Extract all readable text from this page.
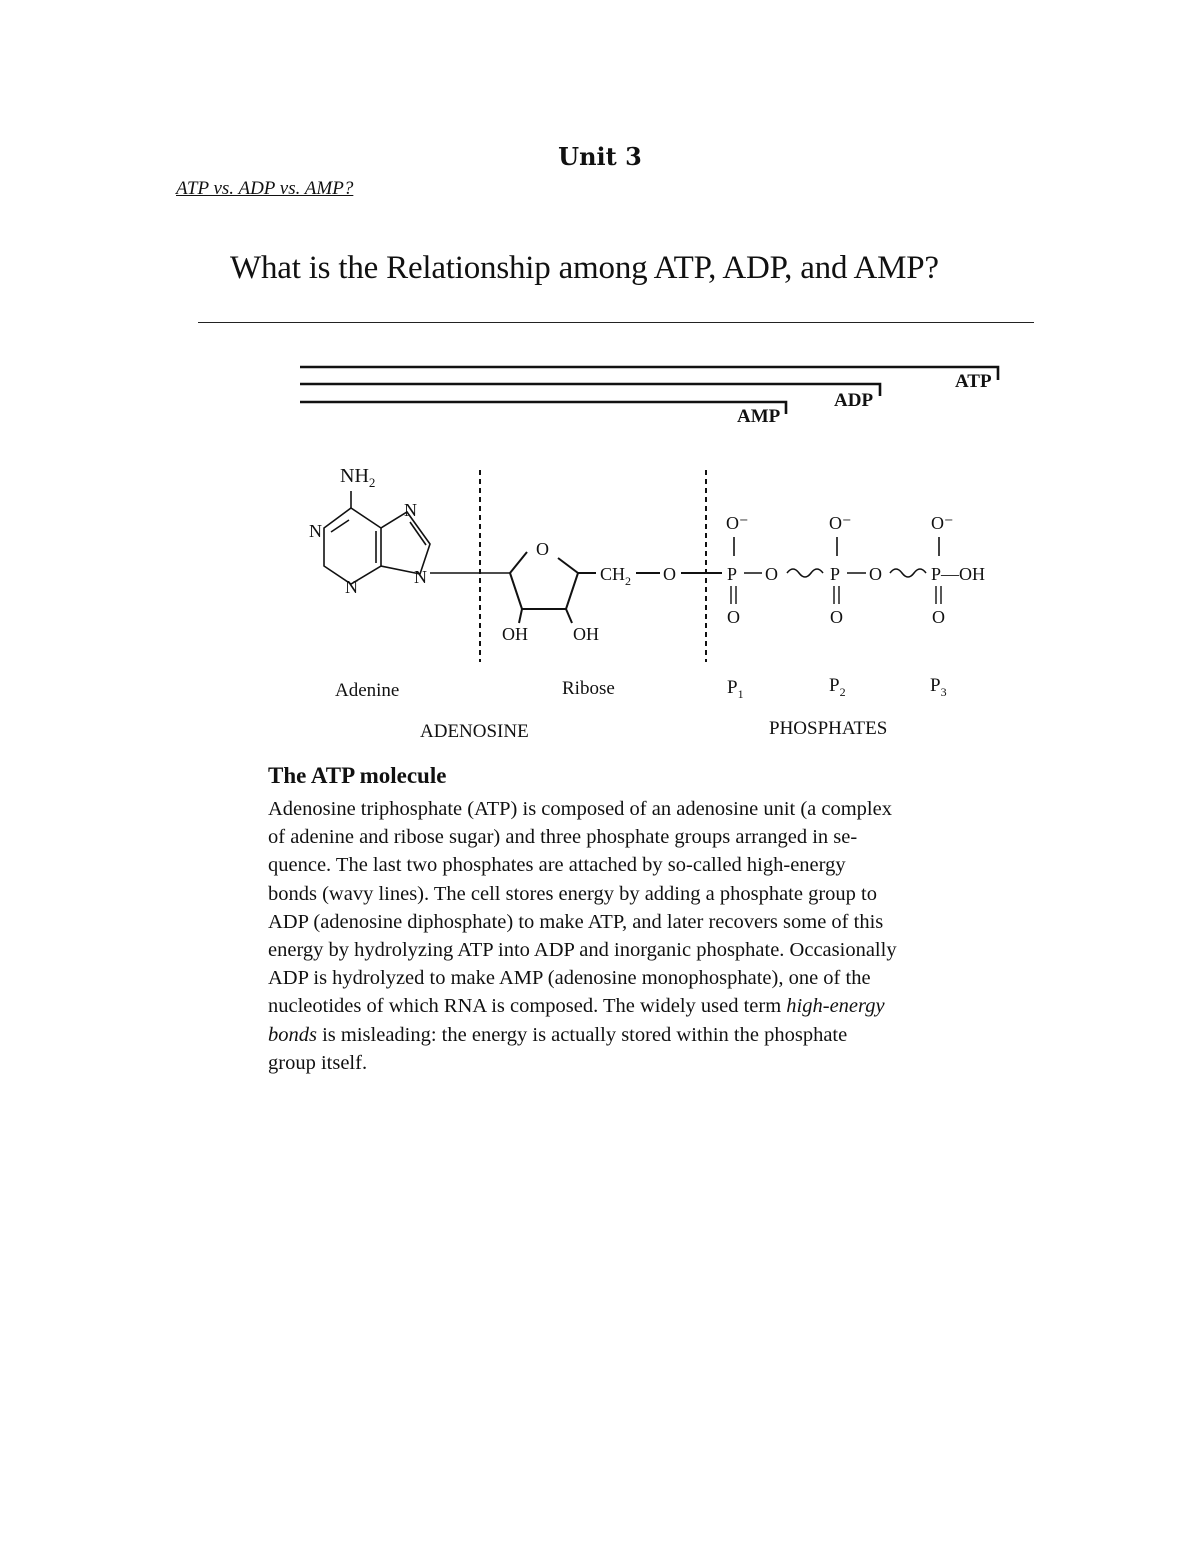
Unit 3
ATP vs. ADP vs. AMP?
What is the Relationship among ATP, ADP, and AMP?
ATP
ADP
AMP
$NH_2$
N
N
N
N
O
OH	OH
$CH_2$ O
O⁻
P
O
O
O⁻
P
O
O
O⁻
P—OH
O
Adenine	Ribose	$P_1$	$P_2$	$P_3$
ADENOSINE	PHOSPHATES
The ATP molecule
Adenosine triphosphate (ATP) is composed of an adenosine unit (a complex
of adenine and ribose sugar) and three phosphate groups arranged in se-
quence. The last two phosphates are attached by so-called high-energy
bonds (wavy lines). The cell stores energy by adding a phosphate group to
ADP (adenosine diphosphate) to make ATP, and later recovers some of this
energy by hydrolyzing ATP into ADP and inorganic phosphate. Occasionally
ADP is hydrolyzed to make AMP (adenosine monophosphate), one of the
nucleotides of which RNA is composed. The widely used term high-energy
bonds is misleading: the energy is actually stored within the phosphate
group itself.
